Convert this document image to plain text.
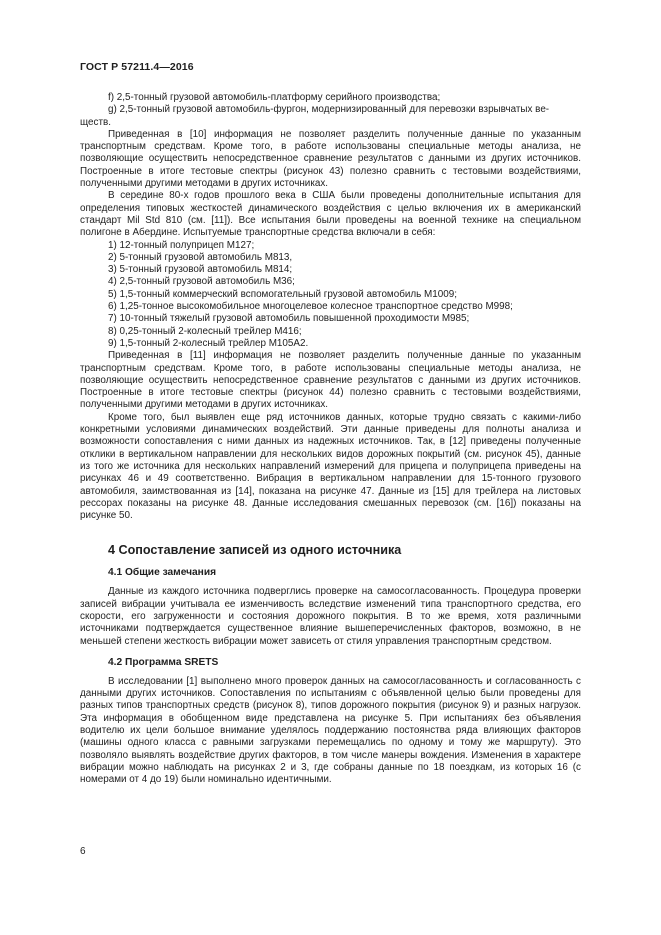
ГОСТ Р 57211.4—2016

f) 2,5-тонный грузовой автомобиль-платформу серийного производства;

g) 2,5-тонный грузовой автомобиль-фургон, модернизированный для перевозки взрывчатых ве-

ществ.

Приведенная в [10] информация не позволяет разделить полученные данные по указанным транспортным средствам. Кроме того, в работе использованы специальные методы анализа, не позволяющие осуществить непосредственное сравнение результатов с данными из других источников. Построенные в итоге тестовые спектры (рисунок 43) полезно сравнить с тестовыми воздействиями, полученными другими методами в других источниках.

В середине 80-х годов прошлого века в США были проведены дополнительные испытания для определения типовых жесткостей динамического воздействия с целью включения их в американский стандарт Mil Std 810 (см. [11]). Все испытания были проведены на военной технике на специальном полигоне в Абердине. Испытуемые транспортные средства включали в себя:

1) 12-тонный полуприцеп М127;

2) 5-тонный грузовой автомобиль М813,

3) 5-тонный грузовой автомобиль М814;

4) 2,5-тонный грузовой автомобиль М36;

5) 1,5-тонный коммерческий вспомогательный грузовой автомобиль М1009;

6) 1,25-тонное высокомобильное многоцелевое колесное транспортное средство М998;

7) 10-тонный тяжелый грузовой автомобиль повышенной проходимости М985;

8) 0,25-тонный 2-колесный трейлер М416;

9) 1,5-тонный 2-колесный трейлер М105А2.

Приведенная в [11] информация не позволяет разделить полученные данные по указанным транспортным средствам. Кроме того, в работе использованы специальные методы анализа, не позволяющие осуществить непосредственное сравнение результатов с данными из других источников. Построенные в итоге тестовые спектры (рисунок 44) полезно сравнить с тестовыми воздействиями, полученными другими методами в других источниках.

Кроме того, был выявлен еще ряд источников данных, которые трудно связать с какими-либо конкретными условиями динамических воздействий. Эти данные приведены для полноты анализа и возможности сопоставления с ними данных из надежных источников. Так, в [12] приведены полученные отклики в вертикальном направлении для нескольких видов дорожных покрытий (см. рисунок 45), данные из того же источника для нескольких направлений измерений для прицепа и полуприцепа приведены на рисунках 46 и 49 соответственно. Вибрация в вертикальном направлении для 15-тонного грузового автомобиля, заимствованная из [14], показана на рисунке 47. Данные из [15] для трейлера на листовых рессорах показаны на рисунке 48. Данные исследования смешанных перевозок (см. [16]) показаны на рисунке 50.

4 Сопоставление записей из одного источника
4.1 Общие замечания

Данные из каждого источника подверглись проверке на самосогласованность. Процедура проверки записей вибрации учитывала ее изменчивость вследствие изменений типа транспортного средства, его скорости, его загруженности и состояния дорожного покрытия. В то же время, хотя различными источниками подтверждается существенное влияние вышеперечисленных факторов, возможно, в не меньшей степени жесткость вибрации может зависеть от стиля управления транспортным средством.

4.2 Программа SRETS

В исследовании [1] выполнено много проверок данных на самосогласованность и согласованность с данными других источников. Сопоставления по испытаниям с объявленной целью были проведены для разных типов транспортных средств (рисунок 8), типов дорожного покрытия (рисунок 9) и разных нагрузок. Эта информация в обобщенном виде представлена на рисунке 5. При испытаниях без объявления водителю их цели большое внимание уделялось поддержанию постоянства ряда влияющих факторов (машины одного класса с равными загрузками перемещались по одному и тому же маршруту). Это позволяло выявлять воздействие других факторов, в том числе манеры вождения. Изменения в характере вибрации можно наблюдать на рисунках 2 и 3, где собраны данные по 18 поездкам, из которых 16 (с номерами от 4 до 19) были номинально идентичными.

6
